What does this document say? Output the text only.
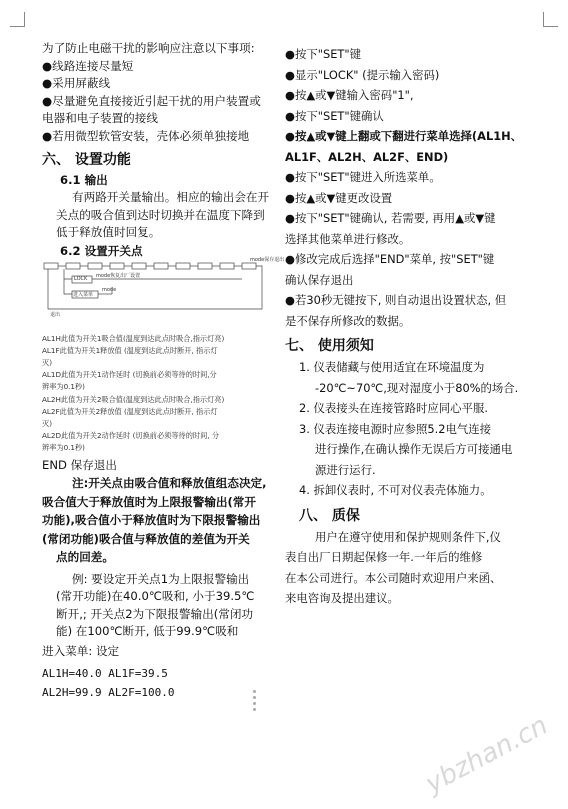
为了防止电磁干扰的影响应注意以下事项:
●线路连接尽量短
●采用屏蔽线
●尽量避免直接接近引起干扰的用户装置或
电器和电子装置的接线
●若用微型软管安装，壳体必须单独接地
六、 设置功能
6.1 输出
有两路开关量输出。相应的输出会在开
关点的吸合值到达时切换并在温度下降到
低于释放值时回复。
6.2 设置开关点
LOCK
进入菜单
mode保存退出
mode恢复出厂设置
mode
退出
AL1H此值为开关1吸合值(温度到达此点时吸合,指示灯亮)
AL1F此值为开关1释放值 (温度到达此点时断开, 指示灯
灭)
AL1D此值为开关1动作延时 (切换前必须等待的时间,分
辨率为0.1秒)
AL2H此值为开关2吸合值(温度到达此点时吸合,指示灯亮)
AL2F此值为开关2释放值 (温度到达此点时断开, 指示灯
灭)
AL2D此值为开关2动作延时 (切换前必须等待的时间, 分
辨率为0.1秒)
END 保存退出
注:开关点由吸合值和释放值组态决定,
吸合值大于释放值时为上限报警输出(常开
功能),吸合值小于释放值时为下限报警输出
(常闭功能)吸合值与释放值的差值为开关
点的回差。
例: 要设定开关点1为上限报警输出
(常开功能)在40.0℃吸和, 小于39.5℃
断开,; 开关点2为下限报警输出(常闭功
能) 在100℃断开, 低于99.9℃吸和
进入菜单: 设定
AL1H=40.0 AL1F=39.5
AL2H=99.9 AL2F=100.0
●按下"SET"键
●显示"LOCK" (提示输入密码)
●按▲或▼键输入密码"1",
●按下"SET"键确认
●按▲或▼键上翻或下翻进行菜单选择(AL1H、
AL1F、AL2H、AL2F、END)
●按下"SET"键进入所选菜单。
●按▲或▼键更改设置
●按下"SET"键确认, 若需要, 再用▲或▼键
选择其他菜单进行修改。
●修改完成后选择"END"菜单, 按"SET"键
确认保存退出
●若30秒无键按下, 则自动退出设置状态, 但
是不保存所修改的数据。
七、 使用须知
1. 仪表储藏与使用适宜在环境温度为
-20℃~70℃,现对湿度小于80%的场合.
2. 仪表接头在连接管路时应同心平服.
3. 仪表连接电源时应参照5.2电气连接
进行操作,在确认操作无误后方可接通电
源进行运行.
4. 拆卸仪表时, 不可对仪表壳体施力。
八、 质保
用户在遵守使用和保护规则条件下,仪
表自出厂日期起保修一年.一年后的维修
在本公司进行。本公司随时欢迎用户来函、
来电咨询及提出建议。
ybzhan.cn
